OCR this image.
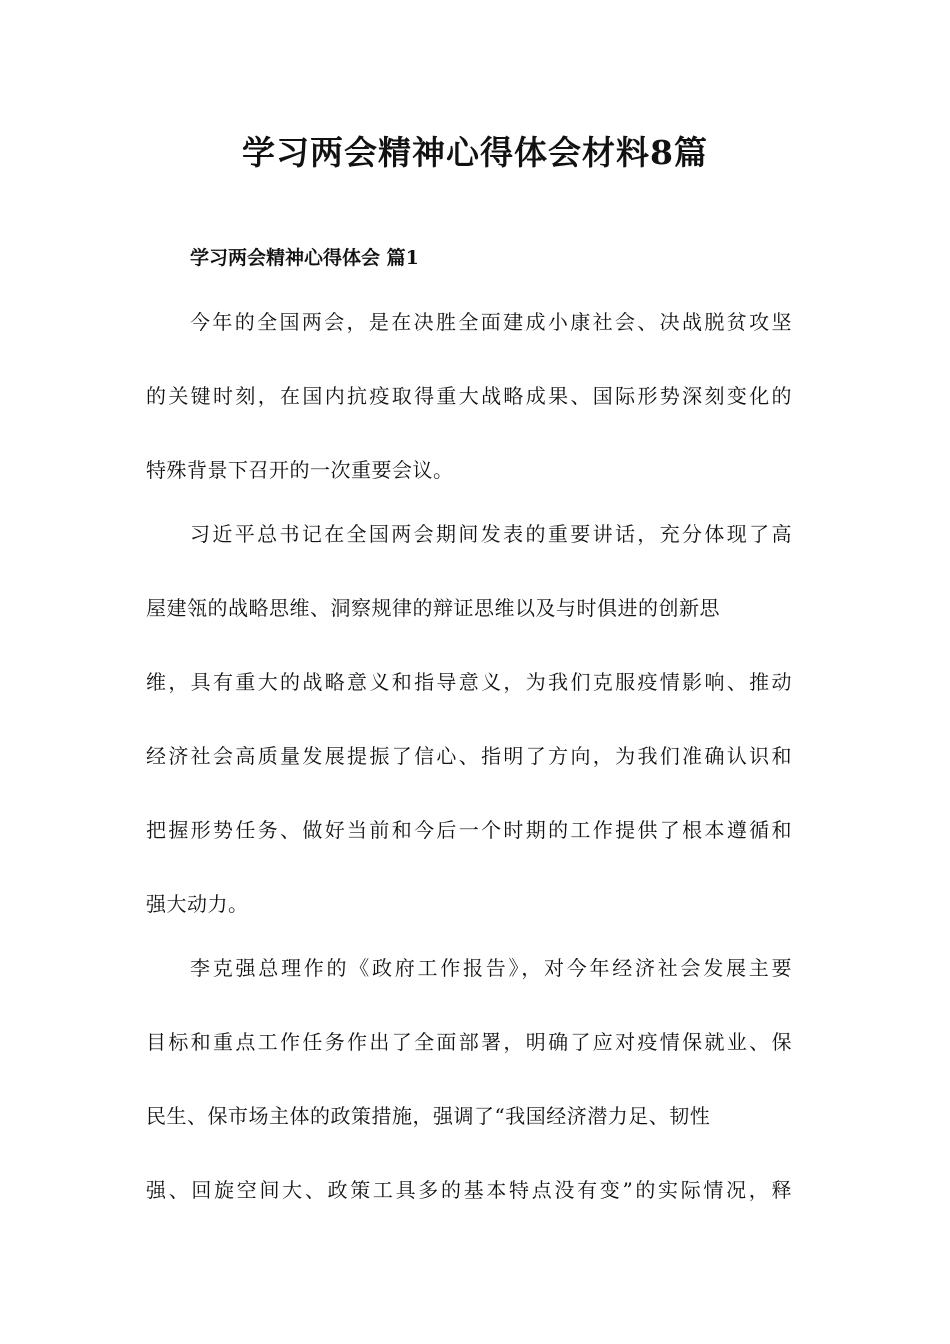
学习两会精神心得体会材料8篇
学习两会精神心得体会 篇1

今年的全国两会，是在决胜全面建成小康社会、决战脱贫攻坚

的关键时刻，在国内抗疫取得重大战略成果、国际形势深刻变化的

特殊背景下召开的一次重要会议。

习近平总书记在全国两会期间发表的重要讲话，充分体现了高

屋建瓴的战略思维、洞察规律的辩证思维以及与时俱进的创新思

维，具有重大的战略意义和指导意义，为我们克服疫情影响、推动

经济社会高质量发展提振了信心、指明了方向，为我们准确认识和

把握形势任务、做好当前和今后一个时期的工作提供了根本遵循和

强大动力。

李克强总理作的《政府工作报告》，对今年经济社会发展主要

目标和重点工作任务作出了全面部署，明确了应对疫情保就业、保

民生、保市场主体的政策措施，强调了“我国经济潜力足、韧性

强、回旋空间大、政策工具多的基本特点没有变”的实际情况，释
